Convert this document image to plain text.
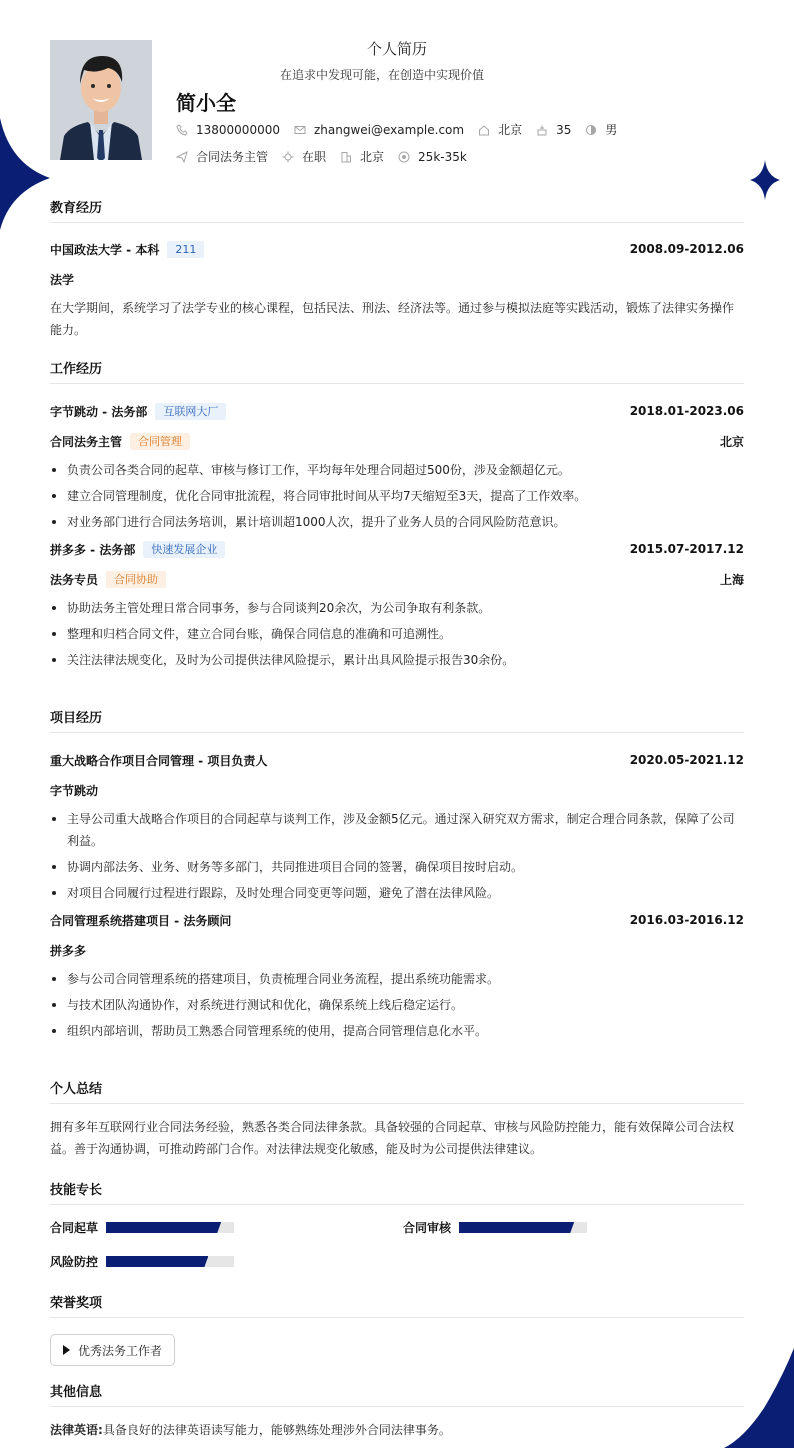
个人简历
在追求中发现可能，在创造中实现价值
简小全
13800000000	zhangwei@example.com	北京	35	男
合同法务主管	在职	北京	25k-35k
教育经历
中国政法大学 - 本科	211	2008.09-2012.06
法学
在大学期间，系统学习了法学专业的核心课程，包括民法、刑法、经济法等。通过参与模拟法庭等实践活动，锻炼了法律实务操作能力。
工作经历
字节跳动 - 法务部	互联网大厂	2018.01-2023.06
合同法务主管	合同管理	北京
负责公司各类合同的起草、审核与修订工作，平均每年处理合同超过500份，涉及金额超亿元。
建立合同管理制度，优化合同审批流程，将合同审批时间从平均7天缩短至3天，提高了工作效率。
对业务部门进行合同法务培训，累计培训超1000人次，提升了业务人员的合同风险防范意识。
拼多多 - 法务部	快速发展企业	2015.07-2017.12
法务专员	合同协助	上海
协助法务主管处理日常合同事务，参与合同谈判20余次，为公司争取有利条款。
整理和归档合同文件，建立合同台账，确保合同信息的准确和可追溯性。
关注法律法规变化，及时为公司提供法律风险提示，累计出具风险提示报告30余份。
项目经历
重大战略合作项目合同管理 - 项目负责人	2020.05-2021.12
字节跳动
主导公司重大战略合作项目的合同起草与谈判工作，涉及金额5亿元。通过深入研究双方需求，制定合理合同条款，保障了公司利益。
协调内部法务、业务、财务等多部门，共同推进项目合同的签署，确保项目按时启动。
对项目合同履行过程进行跟踪，及时处理合同变更等问题，避免了潜在法律风险。
合同管理系统搭建项目 - 法务顾问	2016.03-2016.12
拼多多
参与公司合同管理系统的搭建项目，负责梳理合同业务流程，提出系统功能需求。
与技术团队沟通协作，对系统进行测试和优化，确保系统上线后稳定运行。
组织内部培训，帮助员工熟悉合同管理系统的使用，提高合同管理信息化水平。
个人总结
拥有多年互联网行业合同法务经验，熟悉各类合同法律条款。具备较强的合同起草、审核与风险防控能力，能有效保障公司合法权益。善于沟通协调，可推动跨部门合作。对法律法规变化敏感，能及时为公司提供法律建议。
技能专长
合同起草	合同审核
风险防控
荣誉奖项
优秀法务工作者
其他信息
法律英语:具备良好的法律英语读写能力，能够熟练处理涉外合同法律事务。
